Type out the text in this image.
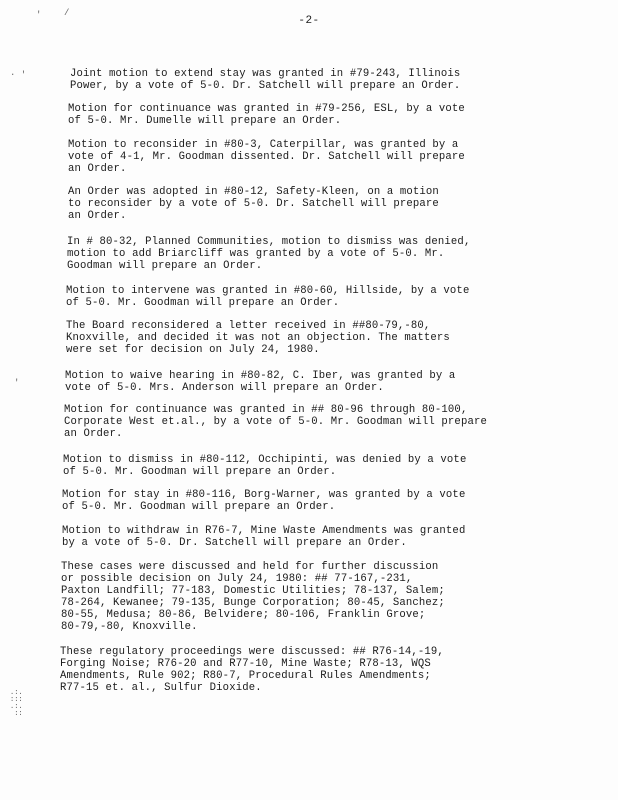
'	/
· '
'
.:.
:::
.:.
::
-2-
Joint motion to extend stay was granted in #79-243, Illinois
Power, by a vote of 5-0. Dr. Satchell will prepare an Order.
Motion for continuance was granted in #79-256, ESL, by a vote
of 5-0. Mr. Dumelle will prepare an Order.
Motion to reconsider in #80-3, Caterpillar, was granted by a
vote of 4-1, Mr. Goodman dissented. Dr. Satchell will prepare
an Order.
An Order was adopted in #80-12, Safety-Kleen, on a motion
to reconsider by a vote of 5-0. Dr. Satchell will prepare
an Order.
In # 80-32, Planned Communities, motion to dismiss was denied,
motion to add Briarcliff was granted by a vote of 5-0. Mr.
Goodman will prepare an Order.
Motion to intervene was granted in #80-60, Hillside, by a vote
of 5-0. Mr. Goodman will prepare an Order.
The Board reconsidered a letter received in ##80-79,-80,
Knoxville, and decided it was not an objection. The matters
were set for decision on July 24, 1980.
Motion to waive hearing in #80-82, C. Iber, was granted by a
vote of 5-0. Mrs. Anderson will prepare an Order.
Motion for continuance was granted in ## 80-96 through 80-100,
Corporate West et.al., by a vote of 5-0. Mr. Goodman will prepare
an Order.
Motion to dismiss in #80-112, Occhipinti, was denied by a vote
of 5-0. Mr. Goodman will prepare an Order.
Motion for stay in #80-116, Borg-Warner, was granted by a vote
of 5-0. Mr. Goodman will prepare an Order.
Motion to withdraw in R76-7, Mine Waste Amendments was granted
by a vote of 5-0. Dr. Satchell will prepare an Order.
These cases were discussed and held for further discussion
or possible decision on July 24, 1980: ## 77-167,-231,
Paxton Landfill; 77-183, Domestic Utilities; 78-137, Salem;
78-264, Kewanee; 79-135, Bunge Corporation; 80-45, Sanchez;
80-55, Medusa; 80-86, Belvidere; 80-106, Franklin Grove;
80-79,-80, Knoxville.
These regulatory proceedings were discussed: ## R76-14,-19,
Forging Noise; R76-20 and R77-10, Mine Waste; R78-13, WQS
Amendments, Rule 902; R80-7, Procedural Rules Amendments;
R77-15 et. al., Sulfur Dioxide.
